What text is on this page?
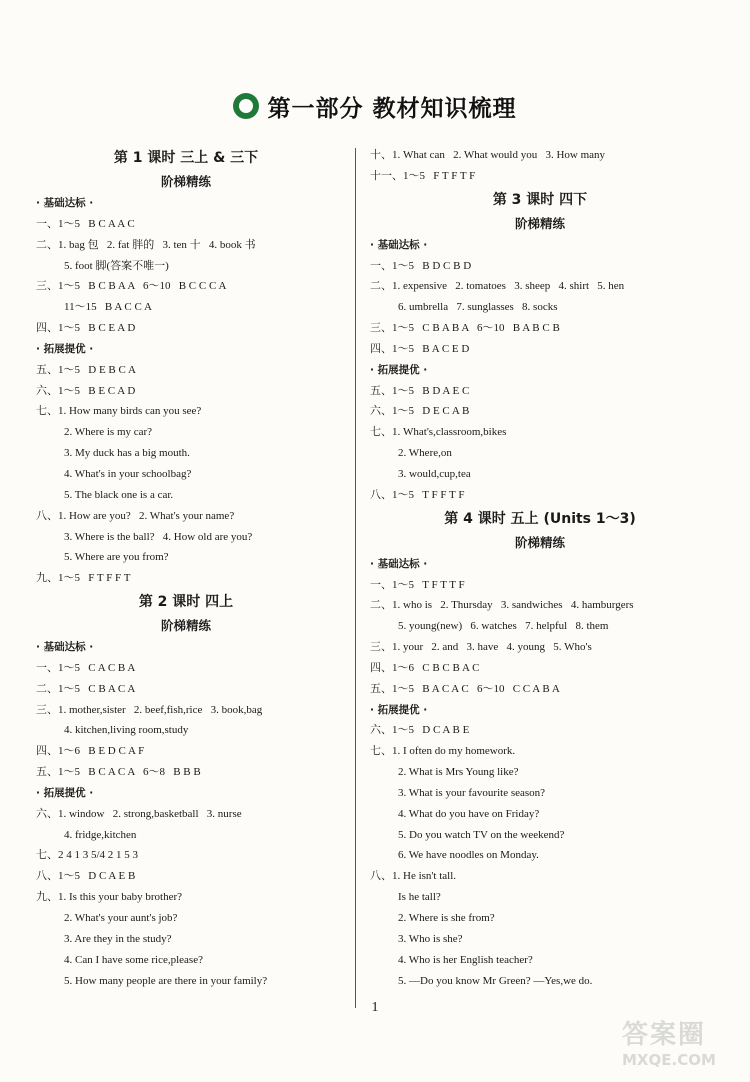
第一部分 教材知识梳理
第 1 课时 三上 & 三下
阶梯精练
· 基础达标 ·
一、1～5   B C A A C
二、1. bag 包   2. fat 胖的   3. ten 十   4. book 书
5. foot 脚(答案不唯一)
三、1～5   B C B A A   6～10   B C C C A
11～15   B A C C A
四、1～5   B C E A D
· 拓展提优 ·
五、1～5   D E B C A
六、1～5   B E C A D
七、1. How many birds can you see?
2. Where is my car?
3. My duck has a big mouth.
4. What's in your schoolbag?
5. The black one is a car.
八、1. How are you?   2. What's your name?
3. Where is the ball?   4. How old are you?
5. Where are you from?
九、1～5   F T F F T
第 2 课时 四上
阶梯精练
· 基础达标 ·
一、1～5   C A C B A
二、1～5   C B A C A
三、1. mother,sister   2. beef,fish,rice   3. book,bag
4. kitchen,living room,study
四、1～6   B E D C A F
五、1～5   B C A C A   6～8   B B B
· 拓展提优 ·
六、1. window   2. strong,basketball   3. nurse
4. fridge,kitchen
七、2 4 1 3 5/4 2 1 5 3
八、1～5   D C A E B
九、1. Is this your baby brother?
2. What's your aunt's job?
3. Are they in the study?
4. Can I have some rice,please?
5. How many people are there in your family?
十、1. What can   2. What would you   3. How many
十一、1～5   F T F T F
第 3 课时 四下
阶梯精练
· 基础达标 ·
一、1～5   B D C B D
二、1. expensive   2. tomatoes   3. sheep   4. shirt   5. hen
6. umbrella   7. sunglasses   8. socks
三、1～5   C B A B A   6～10   B A B C B
四、1～5   B A C E D
· 拓展提优 ·
五、1～5   B D A E C
六、1～5   D E C A B
七、1. What's,classroom,bikes
2. Where,on
3. would,cup,tea
八、1～5   T F F T F
第 4 课时 五上 (Units 1～3)
阶梯精练
· 基础达标 ·
一、1～5   T F T T F
二、1. who is   2. Thursday   3. sandwiches   4. hamburgers
5. young(new)   6. watches   7. helpful   8. them
三、1. your   2. and   3. have   4. young   5. Who's
四、1～6   C B C B A C
五、1～5   B A C A C   6～10   C C A B A
· 拓展提优 ·
六、1～5   D C A B E
七、1. I often do my homework.
2. What is Mrs Young like?
3. What is your favourite season?
4. What do you have on Friday?
5. Do you watch TV on the weekend?
6. We have noodles on Monday.
八、1. He isn't tall.
Is he tall?
2. Where is she from?
3. Who is she?
4. Who is her English teacher?
5. —Do you know Mr Green? —Yes,we do.
1
答案圈
MXQE.COM
